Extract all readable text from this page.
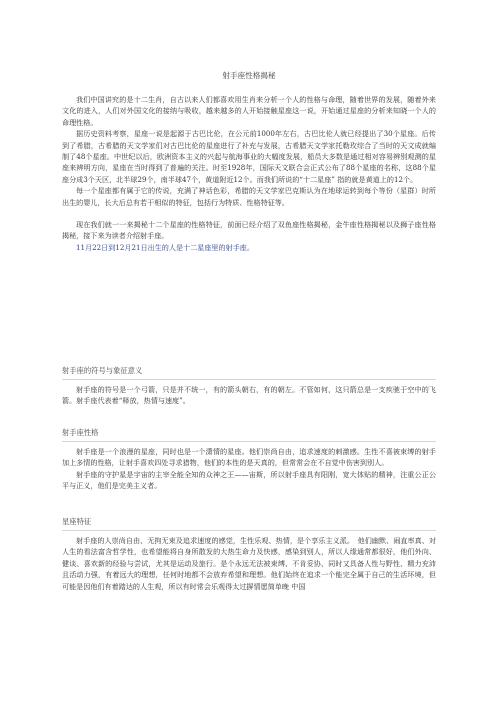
射手座性格揭秘

我们中国讲究的是十二生肖，自古以来人们都喜欢用生肖来分析一个人的性格与命理，随着世界的发展，随着外来文化的进入，人们对外国文化的接纳与吸收，越来越多的人开始接触星座这一说，开始通过星座的分析来知晓一个人的命理性格。

据历史资料考察，星座一说是起源于古巴比伦，在公元前1000年左右，古巴比伦人就已经提出了30个星座。后传到了希腊，古希腊的天文学家们对古巴比伦的星座进行了补充与发展，古希腊天文学家托勒玫综合了当时的天文成就编制了48个星座。中世纪以后，欧洲资本主义的兴起与航海事业的大幅度发展，船员大多数是通过相对容易辨别观测的星座来辨明方向，星座在当时得到了普遍的关注。时至1928年，国际天文联合会正式公布了88个星座的名称，这88个星座分成3个天区，北半球29个，南半球47个，黄道附近12个。而我们所说的“十二星座” 指的就是黄道上的12个。

每一个星座都有属于它的传说，充满了神话色彩，希腊的天文学家巴克斯认为在地球运转到每个等份（星群）时所出生的婴儿，长大后总有若干相似的特征，包括行为特质、性格特征等。

现在我们就一一来揭秘十二个星座的性格特征，前面已经介绍了双鱼座性格揭秘，金牛座性格揭秘以及狮子座性格揭秘，接下来为读者介绍射手座。

11月22日到12月21日出生的人是十二星座里的射手座。

射手座的符号与象征意义

射手座的符号是一个弓箭，只是并不统一，有的箭头朝右，有的朝左。不管如何，这只箭总是一支疾驰于空中的飞箭。射手座代表着“释放，热情与速度”。

射手座性格

射手座是一个浪漫的星座，同时也是一个潇情的星座。他们崇尚自由，追求速度的刺激感。生性不喜被束缚的射手加上多情的性格，让射手喜欢四处寻求猎物，他们的本性的是天真的，但常常会在不自觉中伤害到别人。

射手座的守护星是宇宙的主宰全能全知的众神之王——宙斯，所以射手座具有阳刚，宽大体贴的精神，注重公正公平与正义，他们是完美主义者。

星座特征

射手座的人崇尚自由、无拘无束及追求速度的感觉，生性乐观、热情，是个享乐主义派。　他们幽默、闹直率真、对人生的看法富含哲学性，也希望能将自身所散发的大热生命力及快感，感染到别人，所以人缘通常都很好，他们外向、健谈、喜欢新的经验与尝试，尤其是运动及旅行。是个永远无法被束缚、不肯妥协、同时又具备人性与野性、精力充沛且活动力强，有着远大的理想，任何时地都不会放弃希望和理想。他们始终在追求一个能完全属于自己的生活环境，但可能是因他们有着踏达的人生观，所以有时常会乐观得太过摒情愿简单晚 中国
